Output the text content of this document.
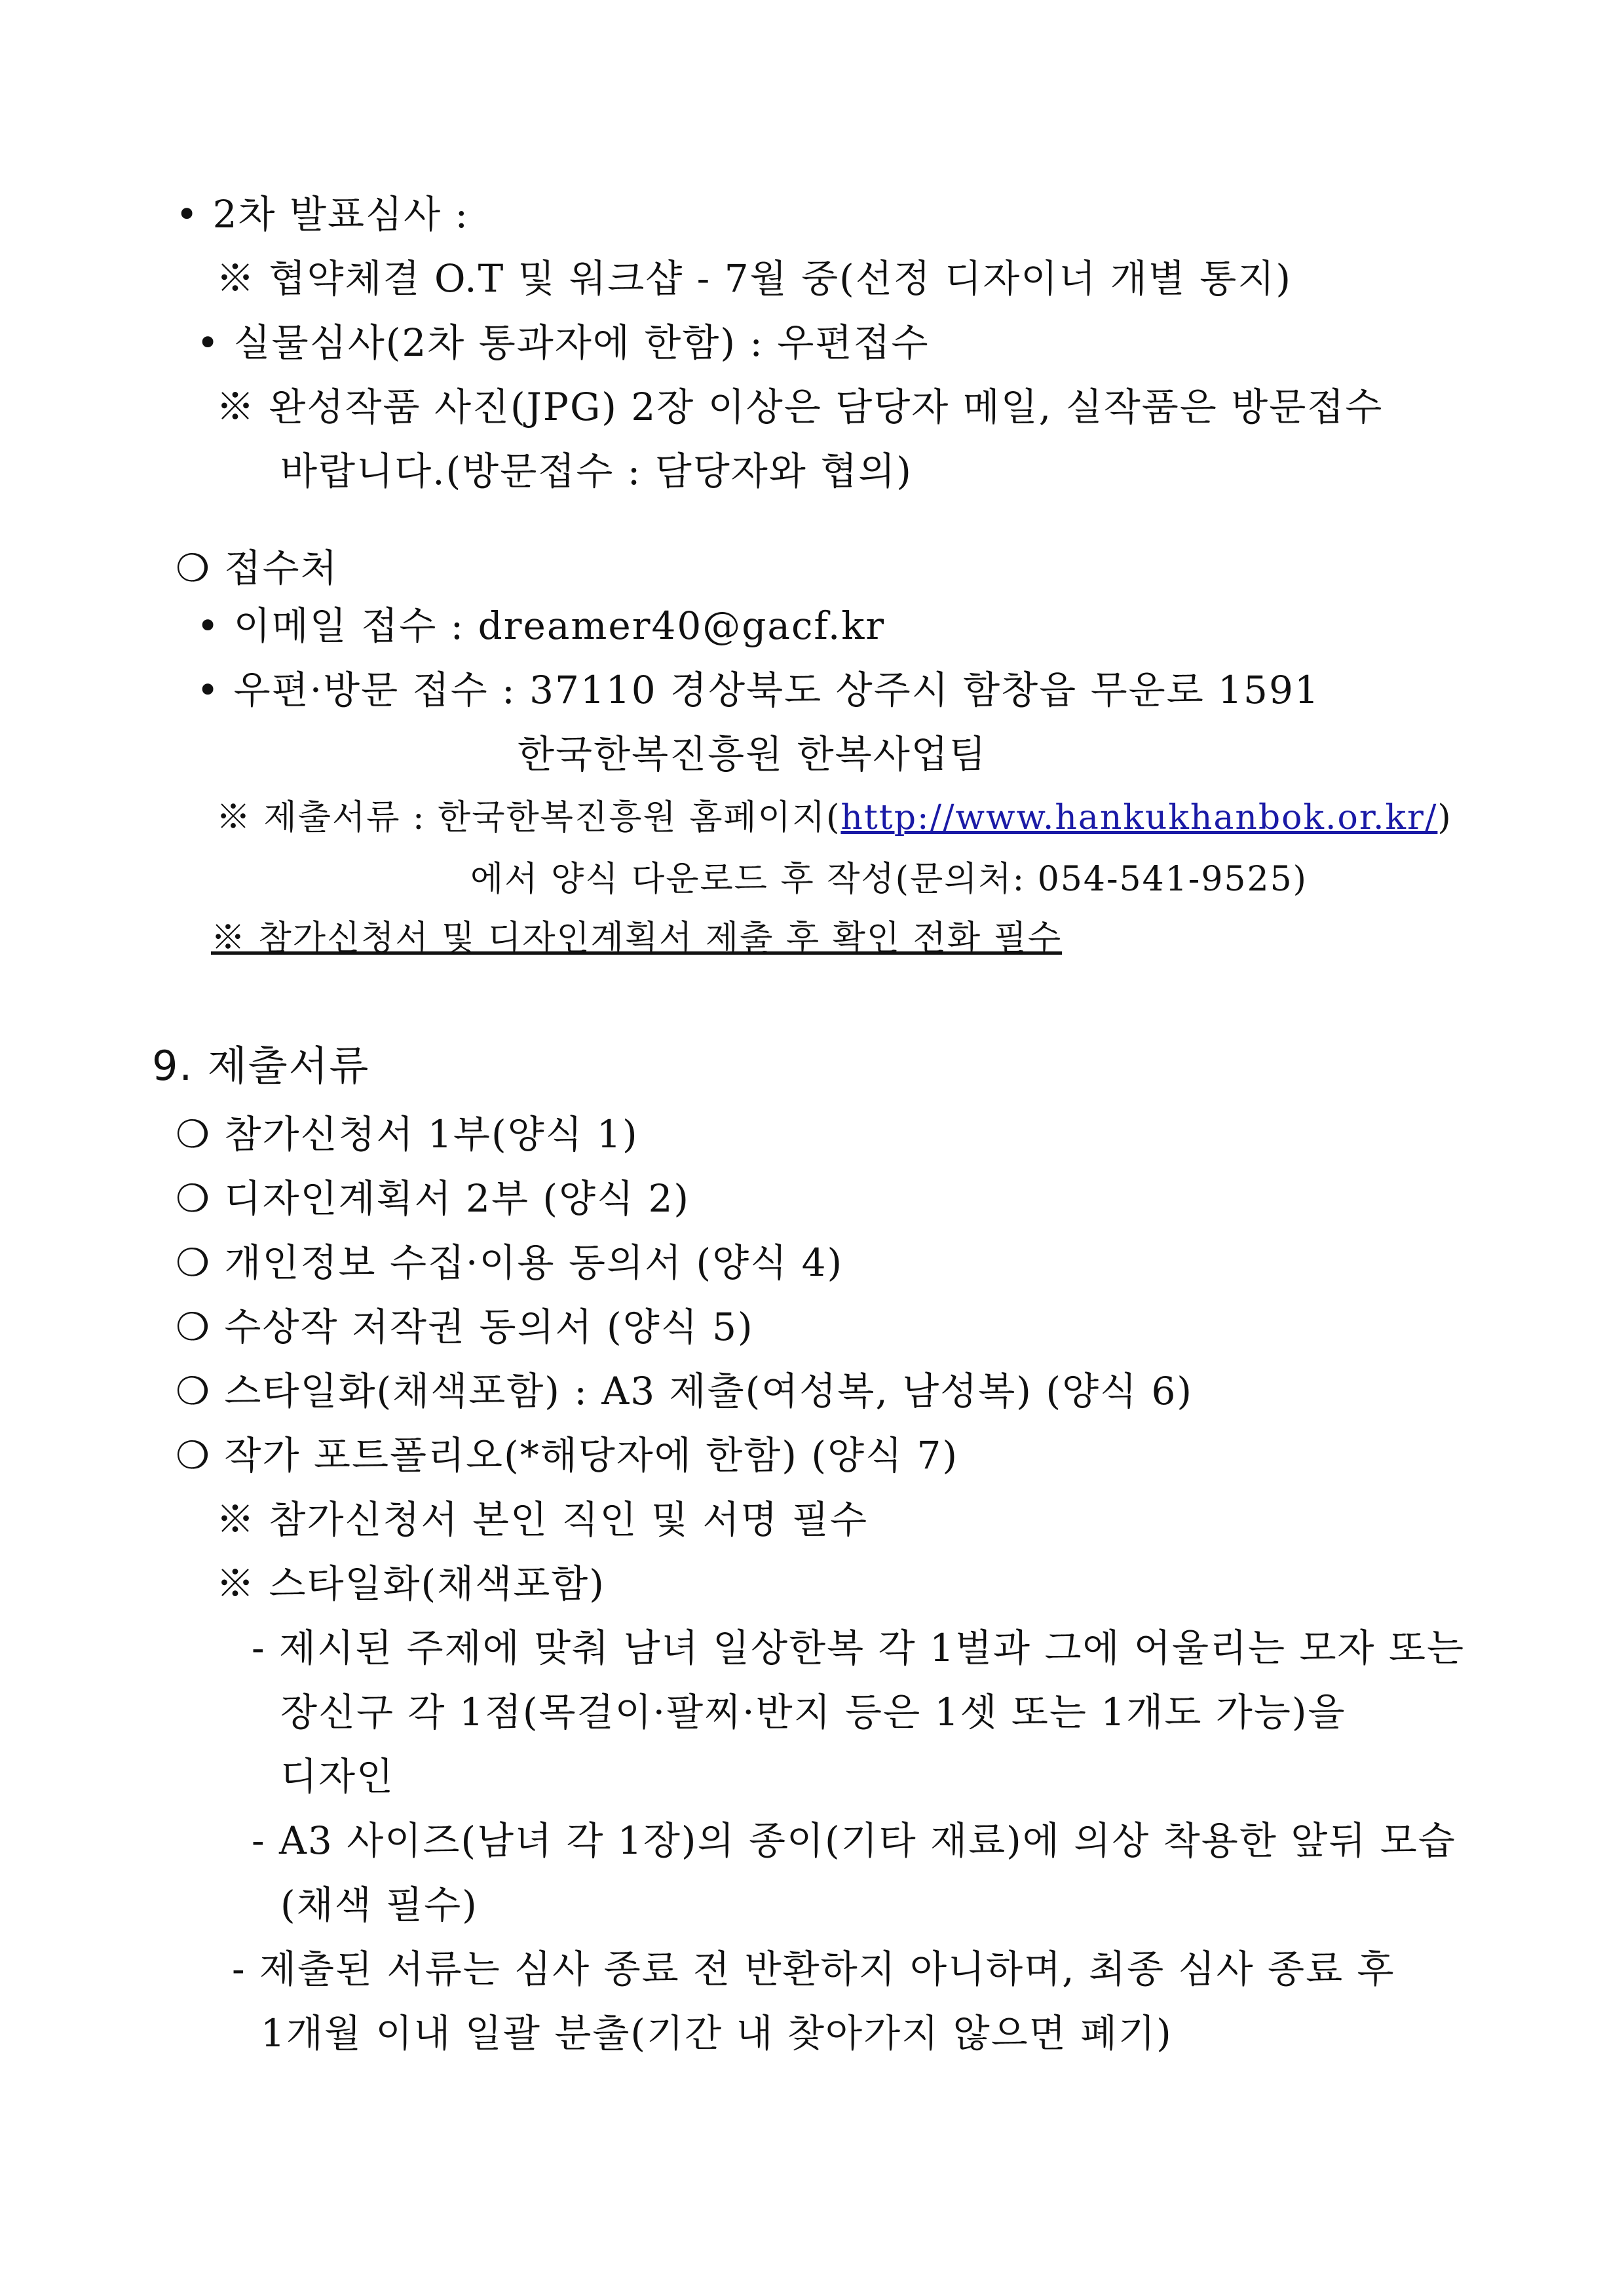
• 2차 발표심사 :
※ 협약체결 O.T 및 워크샵 - 7월 중(선정 디자이너 개별 통지)
• 실물심사(2차 통과자에 한함) : 우편접수
※ 완성작품 사진(JPG) 2장 이상은 담당자 메일, 실작품은 방문접수
바랍니다.(방문접수 : 담당자와 협의)
❍ 접수처
• 이메일 접수 : dreamer40@gacf.kr
• 우편·방문 접수 : 37110 경상북도 상주시 함창읍 무운로 1591
한국한복진흥원 한복사업팀
※ 제출서류 : 한국한복진흥원 홈페이지(http://www.hankukhanbok.or.kr/)
에서 양식 다운로드 후 작성(문의처: 054-541-9525)
※ 참가신청서 및 디자인계획서 제출 후 확인 전화 필수
9. 제출서류
❍ 참가신청서 1부(양식 1)
❍ 디자인계획서 2부 (양식 2)
❍ 개인정보 수집·이용 동의서 (양식 4)
❍ 수상작 저작권 동의서 (양식 5)
❍ 스타일화(채색포함) : A3 제출(여성복, 남성복) (양식 6)
❍ 작가 포트폴리오(*해당자에 한함) (양식 7)
※ 참가신청서 본인 직인 및 서명 필수
※ 스타일화(채색포함)
- 제시된 주제에 맞춰 남녀 일상한복 각 1벌과 그에 어울리는 모자 또는
장신구 각 1점(목걸이·팔찌·반지 등은 1셋 또는 1개도 가능)을
디자인
- A3 사이즈(남녀 각 1장)의 종이(기타 재료)에 의상 착용한 앞뒤 모습
(채색 필수)
- 제출된 서류는 심사 종료 전 반환하지 아니하며, 최종 심사 종료 후
1개월 이내 일괄 분출(기간 내 찾아가지 않으면 폐기)
